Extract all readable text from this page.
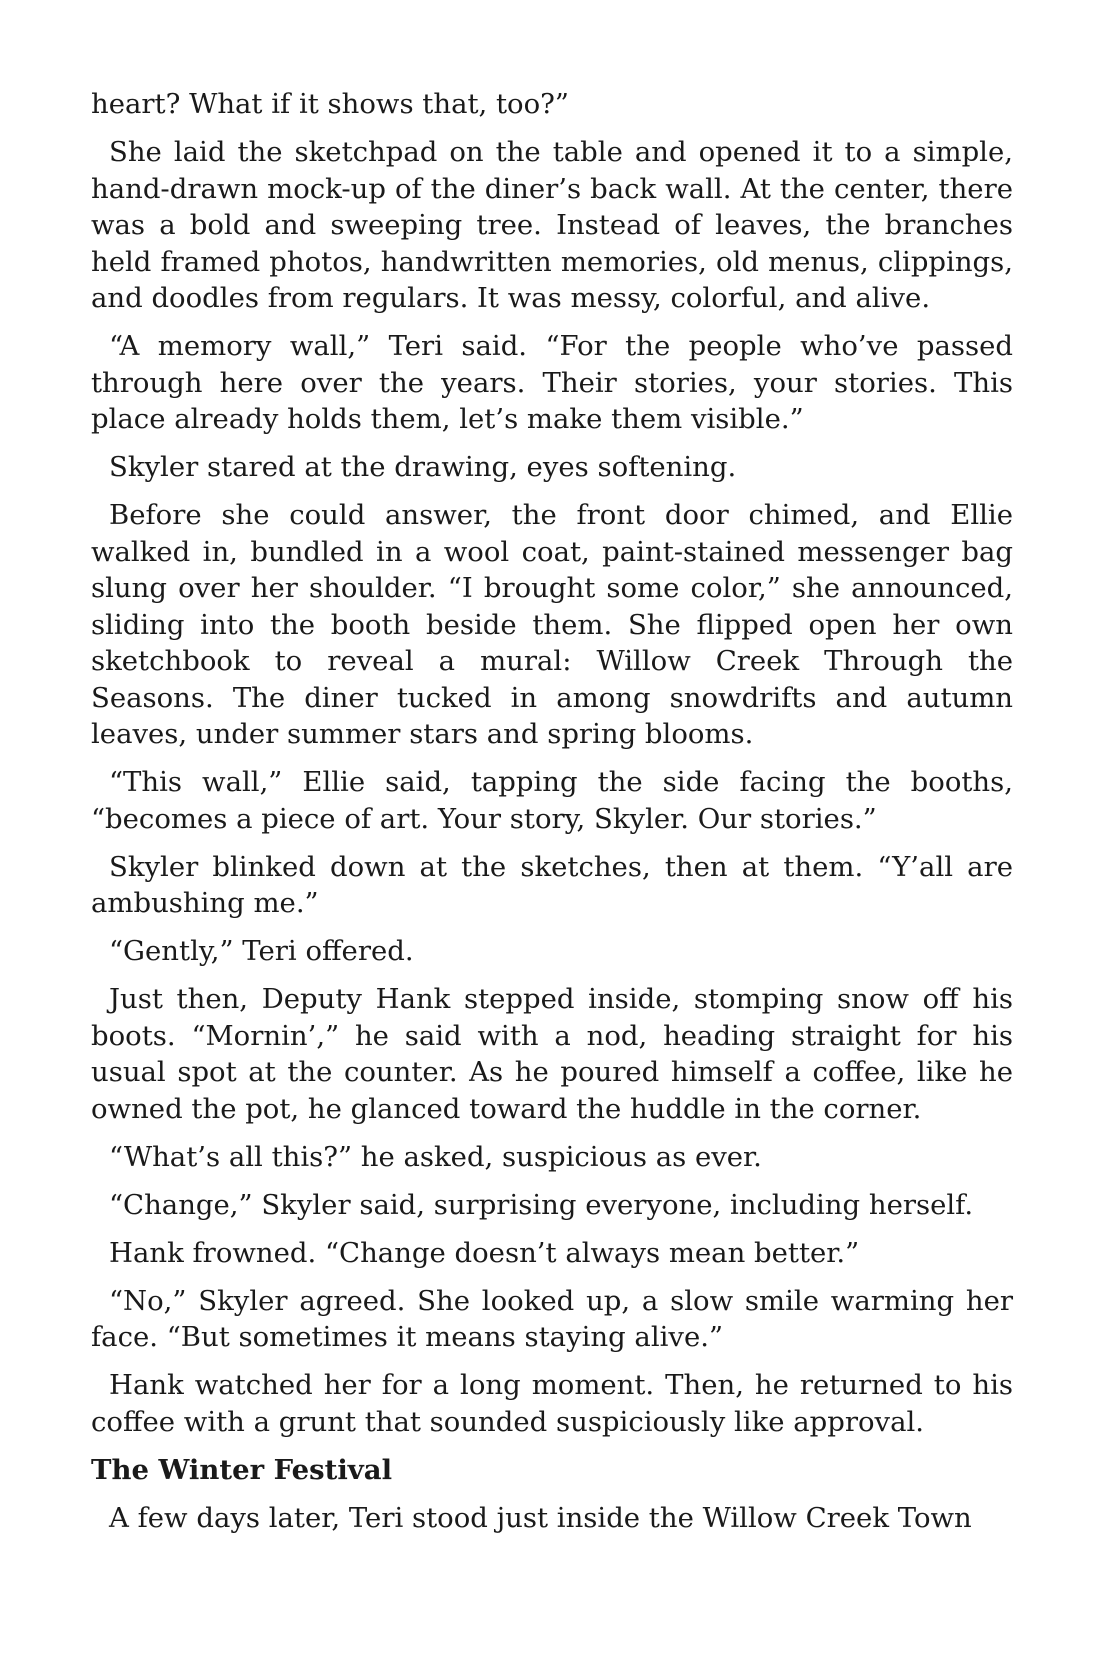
heart? What if it shows that, too?”

She laid the sketchpad on the table and opened it to a simple, hand-drawn mock-up of the diner’s back wall. At the center, there was a bold and sweeping tree. Instead of leaves, the branches held framed photos, handwritten memories, old menus, clippings, and doodles from regulars. It was messy, colorful, and alive.

“A memory wall,” Teri said. “For the people who’ve passed through here over the years. Their stories, your stories. This place already holds them, let’s make them visible.”

Skyler stared at the drawing, eyes softening.

Before she could answer, the front door chimed, and Ellie walked in, bundled in a wool coat, paint-stained messenger bag slung over her shoulder. “I brought some color,” she announced, sliding into the booth beside them. She flipped open her own sketchbook to reveal a mural: Willow Creek Through the Seasons. The diner tucked in among snowdrifts and autumn leaves, under summer stars and spring blooms.

“This wall,” Ellie said, tapping the side facing the booths, “becomes a piece of art. Your story, Skyler. Our stories.”

Skyler blinked down at the sketches, then at them. “Y’all are ambushing me.”

“Gently,” Teri offered.

Just then, Deputy Hank stepped inside, stomping snow off his boots. “Mornin’,” he said with a nod, heading straight for his usual spot at the counter. As he poured himself a coffee, like he owned the pot, he glanced toward the huddle in the corner.

“What’s all this?” he asked, suspicious as ever.

“Change,” Skyler said, surprising everyone, including herself.

Hank frowned. “Change doesn’t always mean better.”

“No,” Skyler agreed. She looked up, a slow smile warming her face. “But sometimes it means staying alive.”

Hank watched her for a long moment. Then, he returned to his coffee with a grunt that sounded suspiciously like approval.

The Winter Festival

A few days later, Teri stood just inside the Willow Creek Town
